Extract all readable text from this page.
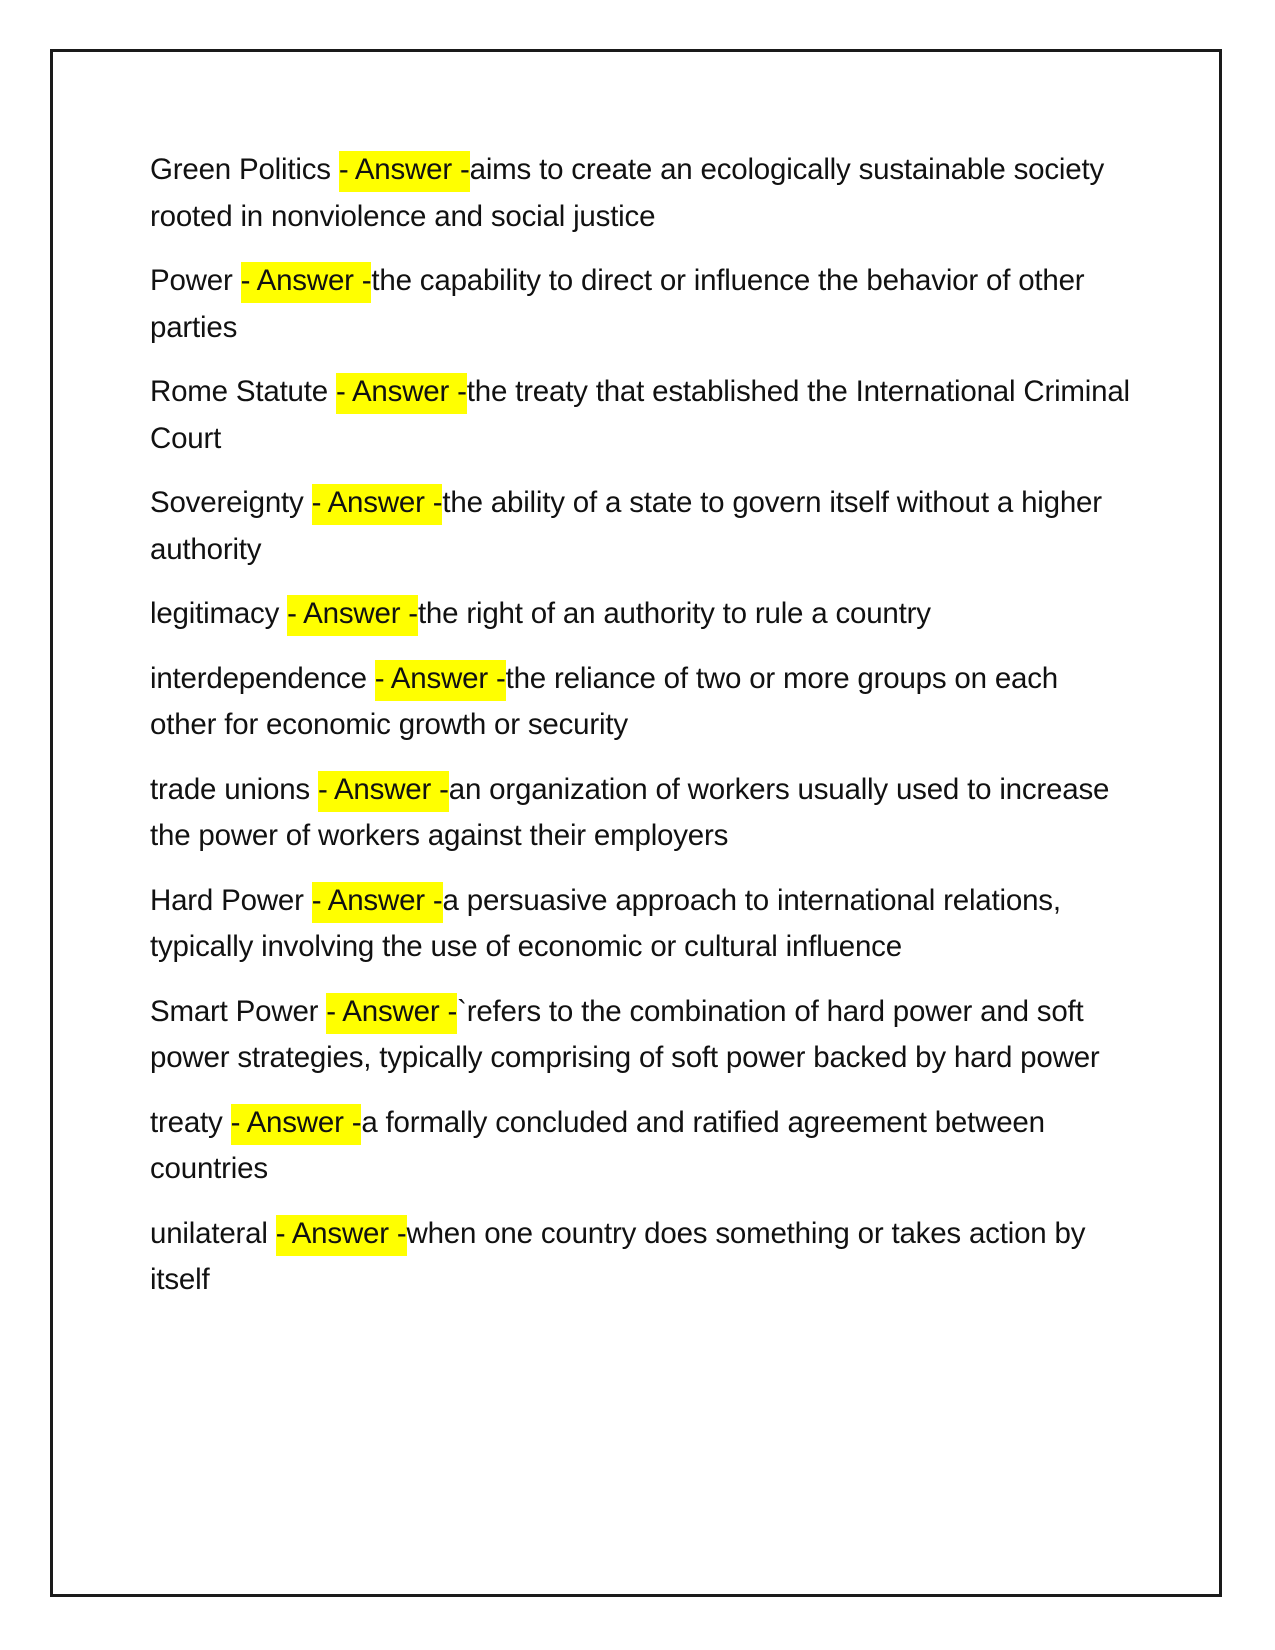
Green Politics - Answer -aims to create an ecologically sustainable society rooted in nonviolence and social justice

Power - Answer -the capability to direct or influence the behavior of other parties

Rome Statute - Answer -the treaty that established the International Criminal Court

Sovereignty - Answer -the ability of a state to govern itself without a higher authority

legitimacy - Answer -the right of an authority to rule a country

interdependence - Answer -the reliance of two or more groups on each other for economic growth or security

trade unions - Answer -an organization of workers usually used to increase the power of workers against their employers

Hard Power - Answer -a persuasive approach to international relations, typically involving the use of economic or cultural influence

Smart Power - Answer -`refers to the combination of hard power and soft power strategies, typically comprising of soft power backed by hard power

treaty - Answer -a formally concluded and ratified agreement between countries

unilateral - Answer -when one country does something or takes action by itself
